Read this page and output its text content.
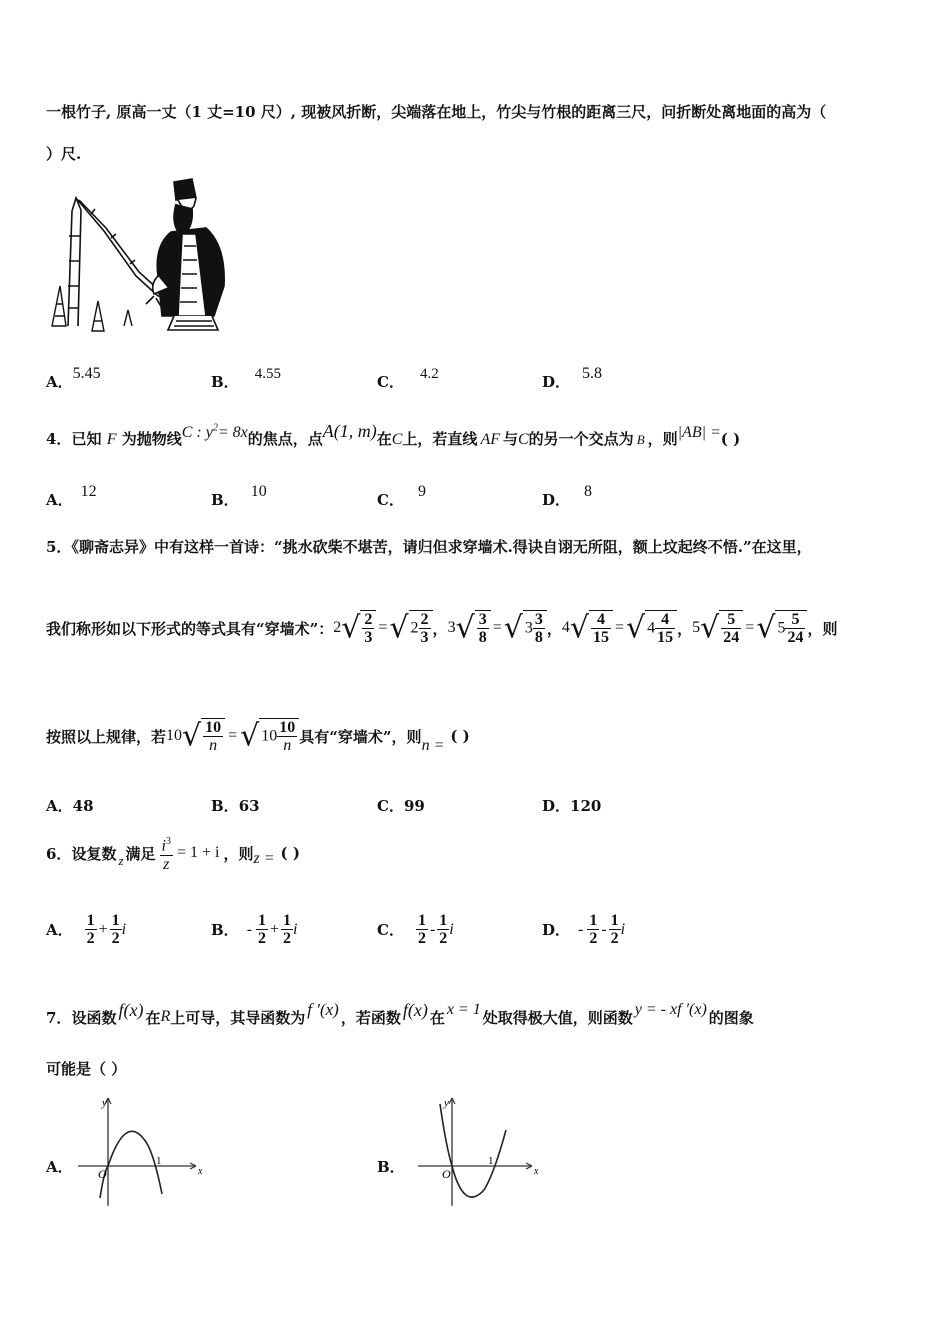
一根竹子, 原高一丈（1 丈=10 尺）, 现被风折断，尖端落在地上，竹尖与竹根的距离三尺，问折断处离地面的高为（
）尺.
A．5.45	B． 4.55	C． 4.2	D． 5.8
4．已知 F 为抛物线C : $y^2= 8x$的焦点，点A(1, m)在C上，若直线 AF 与C的另一个交点为 B ，则|AB| =( )
A． 12	B． 10	C． 9	D． 8
5．《聊斋志异》中有这样一首诗：“挑水砍柴不堪苦，请归但求穿墙术.得诀自诩无所阻，额上坟起终不悟.”在这里，
我们称形如以下形式的等式具有“穿墙术”： 2 √ $\frac{2}{3}$ = √ $2 \frac{2}{3}$ ， 3 √ $\frac{3}{8}$ = √ $3 \frac{3}{8}$ ， 4 √ $\frac{4}{15}$ = √ $4 \frac{4}{15}$ ， 5 √ $\frac{5}{24}$ = √ $5 \frac{5}{24}$ ，则
按照以上规律，若 10 √ $\frac{10}{n}$ = √ $10 \frac{10}{n}$ 具有“穿墙术”，则 n =
( )
A．48	B．63	C．99	D．120
6． 设复数 z 满足 $\frac{i^3}{z} = 1 + i$ ，则 z = ( )
A． $\frac{1}{2} + \frac{1}{2}$ i	B． - $\frac{1}{2} + \frac{1}{2}$ i	C． $\frac{1}{2} - \frac{1}{2}$ i	D． - $\frac{1}{2} - \frac{1}{2}$ i
7． 设函数 f(x) 在 R 上可导，其导函数为 f ′(x) ，若函数 f(x) 在 x = 1 处取得极大值，则函数 y = - xf ′(x) 的图象
可能是（ ）
A．
y
x
O
1	B．
y
x
O
1
